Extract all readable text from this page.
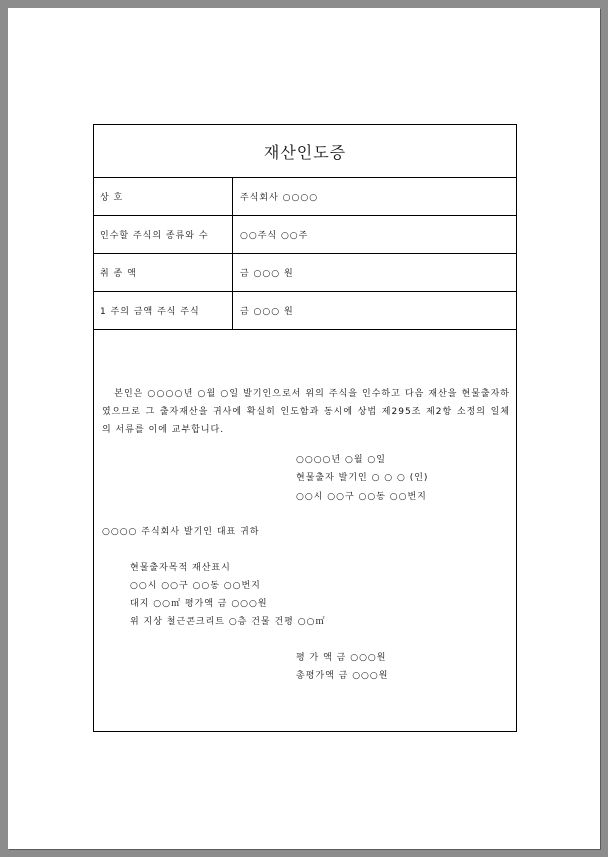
재산인도증
상 호	주식회사 ○○○○
인수할 주식의 종류와 수	○○주식 ○○주
취 종 액	금 ○○○ 원
1 주의 금액 주식 주식	금 ○○○ 원
본인은 ○○○○년 ○월 ○일 발기인으로서 위의 주식을 인수하고 다음 재산을 현물출자하였으므로 그 출자재산을 귀사에 확실히 인도함과 동시에 상법 제295조 제2항 소정의 일체의 서류를 이에 교부합니다.
○○○○년 ○월 ○일
현물출자 발기인 ○ ○ ○ (인)
○○시 ○○구 ○○동 ○○번지
○○○○ 주식회사 발기인 대표 귀하
현물출자목적 재산표시
○○시 ○○구 ○○동 ○○번지
대지 ○○㎡ 평가액 금 ○○○원
위 지상 철근콘크리트 ○층 건물 건평 ○○㎡
평 가 액 금 ○○○원
총평가액 금 ○○○원
